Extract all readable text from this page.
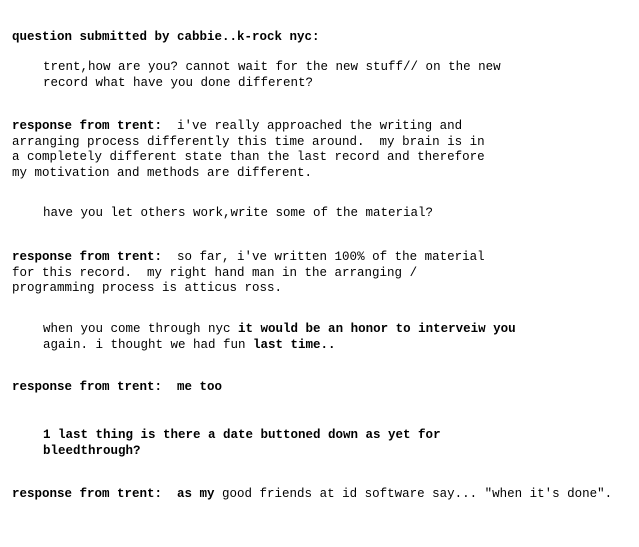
question submitted by cabbie..k-rock nyc:
trent,how are you? cannot wait for the new stuff// on the new
record what have you done different?
response from trent:  i've really approached the writing and
arranging process differently this time around.  my brain is in
a completely different state than the last record and therefore
my motivation and methods are different.
have you let others work,write some of the material?
response from trent:  so far, i've written 100% of the material
for this record.  my right hand man in the arranging /
programming process is atticus ross.
when you come through nyc it would be an honor to interveiw you
again. i thought we had fun last time..
response from trent:  me too
1 last thing is there a date buttoned down as yet for
bleedthrough?
response from trent:  as my good friends at id software say... "when it's done".
